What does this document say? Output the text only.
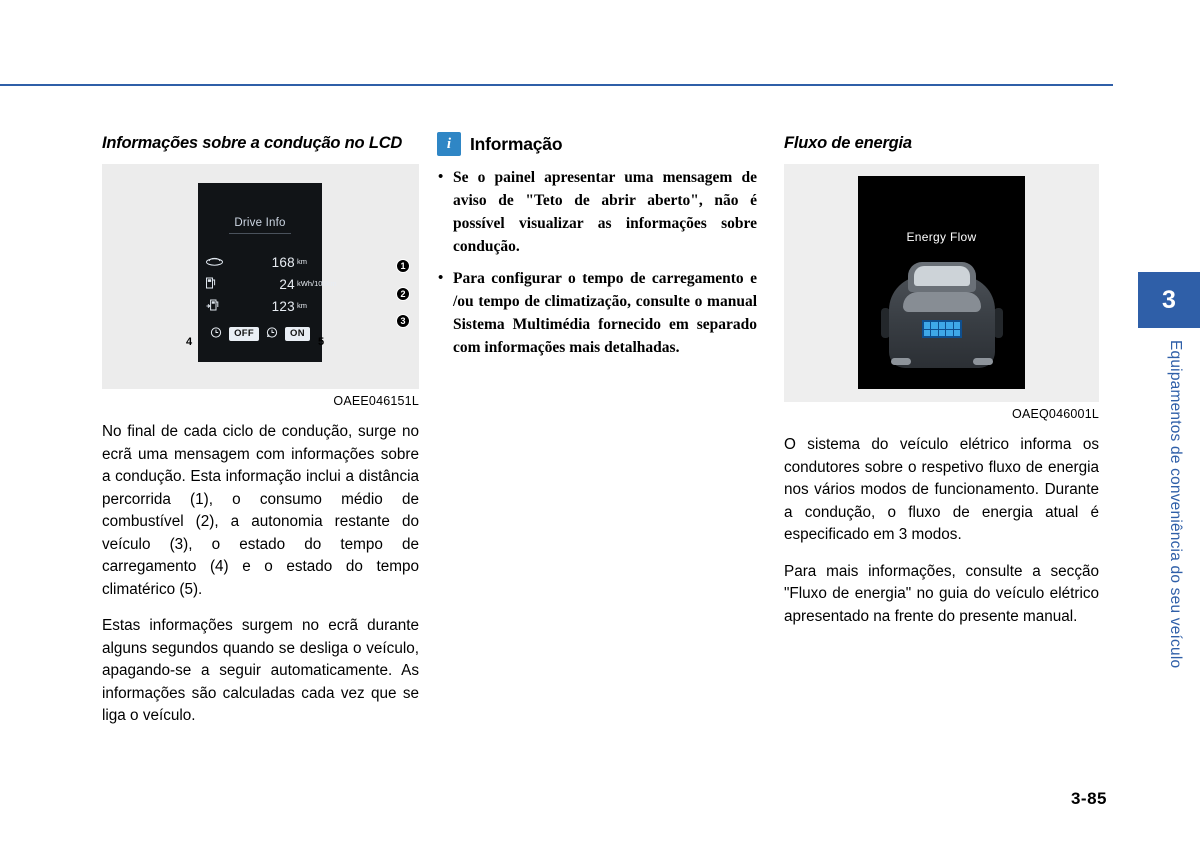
3
Equipamentos de conveniência do seu veículo
Informações sobre a condução no LCD
Drive Info
168 km
24 kWh/100km
123 km
OFF	ON
1
2
3
4	5
OAEE046151L

No final de cada ciclo de condução, surge no ecrã uma mensagem com informações sobre a condução. Esta informação inclui a distância percorrida (1), o consumo médio de combustível (2), a autonomia restante do veículo (3), o estado do tempo de carregamento (4) e o estado do tempo climatérico (5).

Estas informações surgem no ecrã durante alguns segundos quando se desliga o veículo, apagando-se a seguir automaticamente. As informações são calculadas cada vez que se liga o veículo.

i	Informação
• Se o painel apresentar uma mensagem de aviso de "Teto de abrir aberto", não é possível visualizar as informações sobre condução.
• Para configurar o tempo de carregamento e /ou tempo de climatização, consulte o manual Sistema Multimédia fornecido em separado com informações mais detalhadas.
Fluxo de energia
Energy Flow
OAEQ046001L

O sistema do veículo elétrico informa os condutores sobre o respetivo fluxo de energia nos vários modos de funcionamento. Durante a condução, o fluxo de energia atual é especificado em 3 modos.

Para mais informações, consulte a secção "Fluxo de energia" no guia do veículo elétrico apresentado na frente do presente manual.

3-85
